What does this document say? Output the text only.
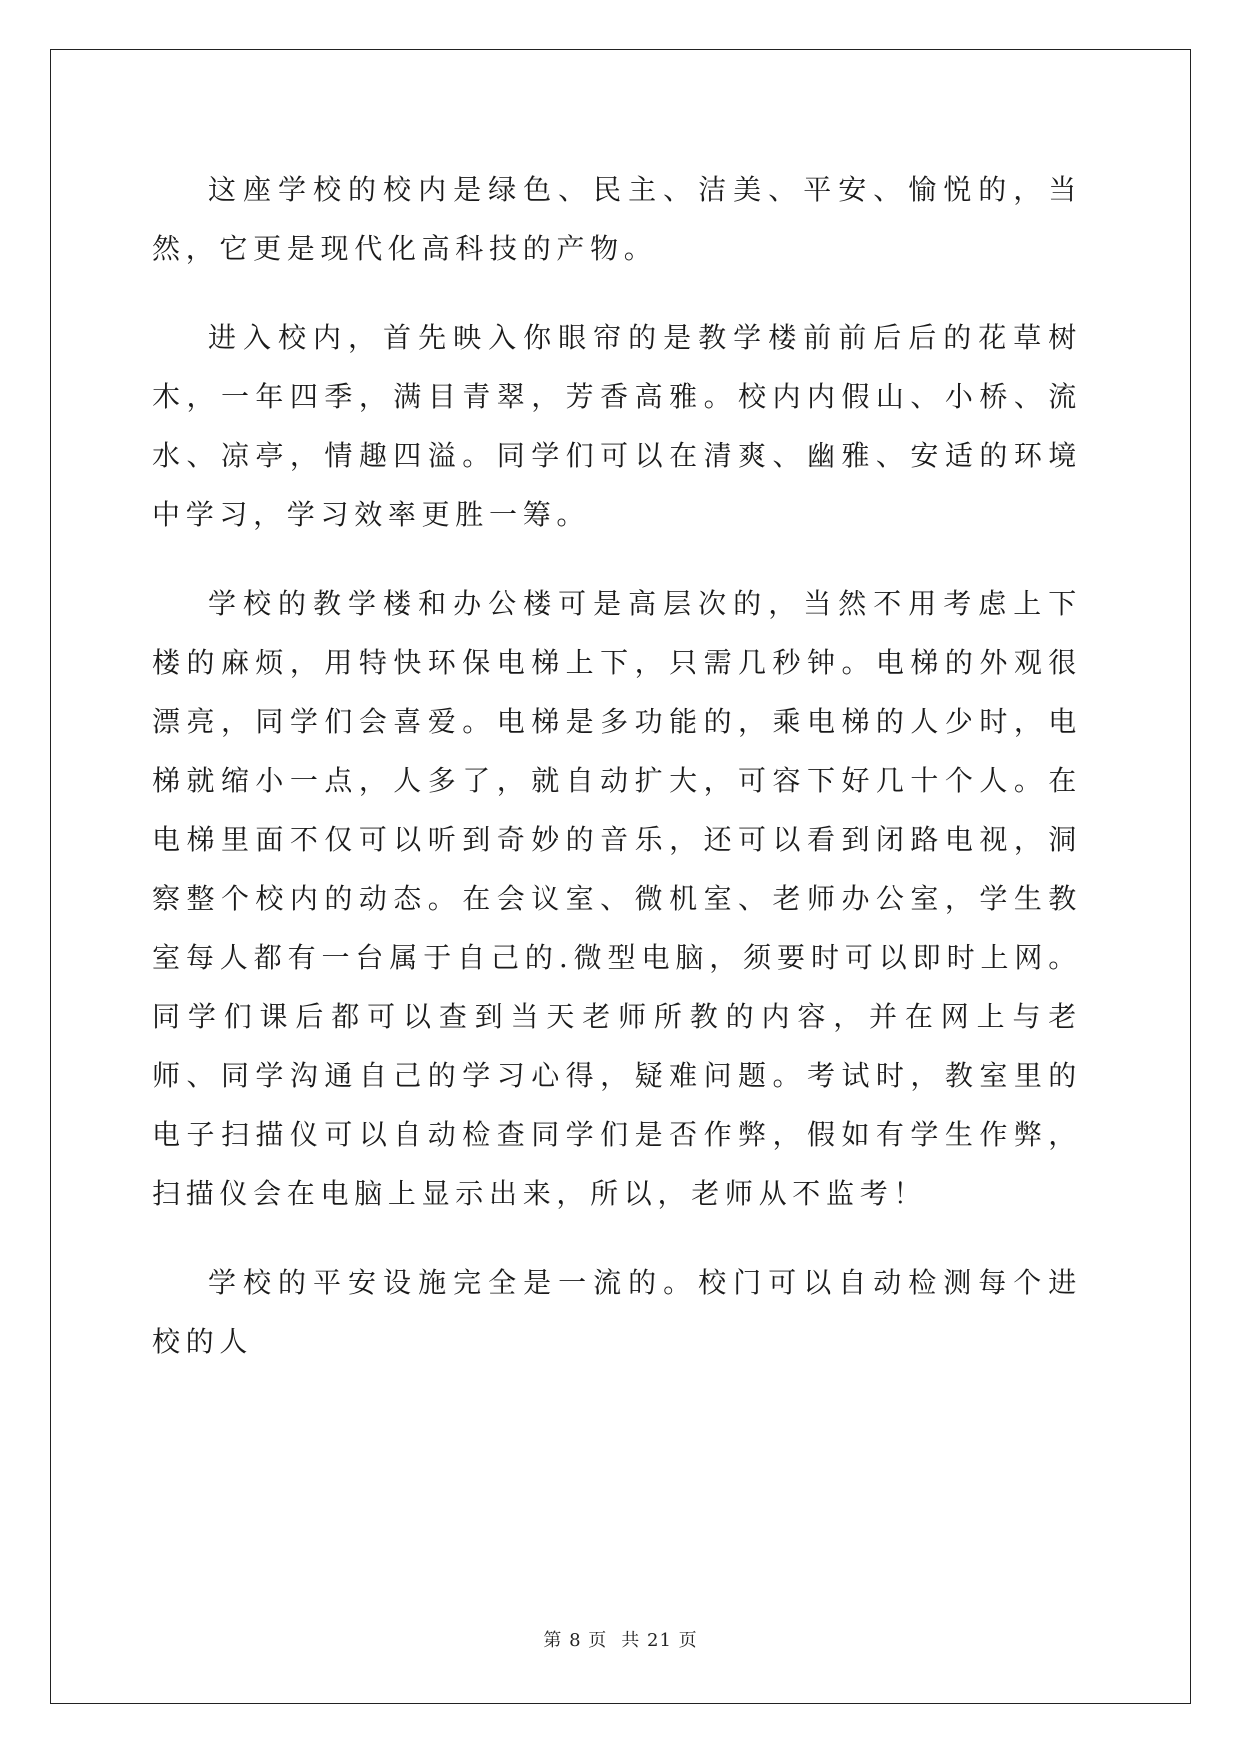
这座学校的校内是绿色、民主、洁美、平安、愉悦的，当然，它更是现代化高科技的产物。

进入校内，首先映入你眼帘的是教学楼前前后后的花草树木，一年四季，满目青翠，芳香高雅。校内内假山、小桥、流水、凉亭，情趣四溢。同学们可以在清爽、幽雅、安适的环境中学习，学习效率更胜一筹。

学校的教学楼和办公楼可是高层次的，当然不用考虑上下楼的麻烦，用特快环保电梯上下，只需几秒钟。电梯的外观很漂亮，同学们会喜爱。电梯是多功能的，乘电梯的人少时，电梯就缩小一点，人多了，就自动扩大，可容下好几十个人。在电梯里面不仅可以听到奇妙的音乐，还可以看到闭路电视，洞察整个校内的动态。在会议室、微机室、老师办公室，学生教室每人都有一台属于自己的.微型电脑，须要时可以即时上网。同学们课后都可以查到当天老师所教的内容，并在网上与老师、同学沟通自己的学习心得，疑难问题。考试时，教室里的电子扫描仪可以自动检查同学们是否作弊，假如有学生作弊，扫描仪会在电脑上显示出来，所以，老师从不监考！

学校的平安设施完全是一流的。校门可以自动检测每个进校的人

第 8 页 共 21 页
